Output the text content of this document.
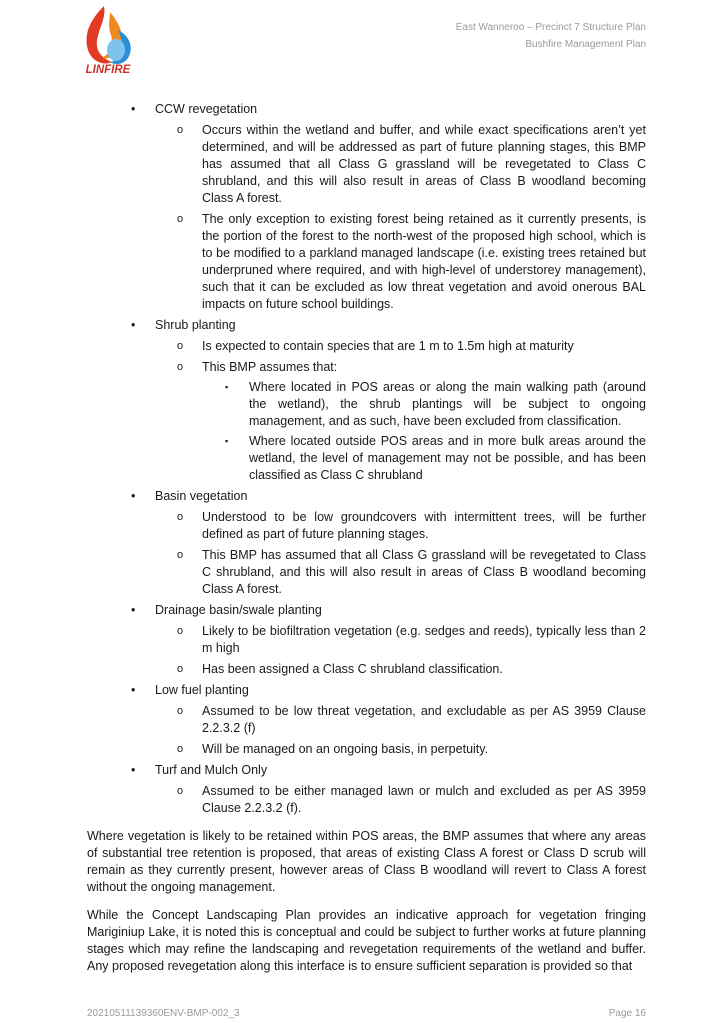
LINFIRE
East Wanneroo – Precinct 7 Structure Plan
Bushfire Management Plan
• CCW revegetation
o Occurs within the wetland and buffer, and while exact specifications aren’t yet determined, and will be addressed as part of future planning stages, this BMP has assumed that all Class G grassland will be revegetated to Class C shrubland, and this will also result in areas of Class B woodland becoming Class A forest.
o The only exception to existing forest being retained as it currently presents, is the portion of the forest to the north-west of the proposed high school, which is to be modified to a parkland managed landscape (i.e. existing trees retained but underpruned where required, and with high-level of understorey management), such that it can be excluded as low threat vegetation and avoid onerous BAL impacts on future school buildings.
• Shrub planting
o Is expected to contain species that are 1 m to 1.5m high at maturity
o This BMP assumes that:
▪ Where located in POS areas or along the main walking path (around the wetland), the shrub plantings will be subject to ongoing management, and as such, have been excluded from classification.
▪ Where located outside POS areas and in more bulk areas around the wetland, the level of management may not be possible, and has been classified as Class C shrubland
• Basin vegetation
o Understood to be low groundcovers with intermittent trees, will be further defined as part of future planning stages.
o This BMP has assumed that all Class G grassland will be revegetated to Class C shrubland, and this will also result in areas of Class B woodland becoming Class A forest.
• Drainage basin/swale planting
o Likely to be biofiltration vegetation (e.g. sedges and reeds), typically less than 2 m high
o Has been assigned a Class C shrubland classification.
• Low fuel planting
o Assumed to be low threat vegetation, and excludable as per AS 3959 Clause 2.2.3.2 (f)
o Will be managed on an ongoing basis, in perpetuity.
• Turf and Mulch Only
o Assumed to be either managed lawn or mulch and excluded as per AS 3959 Clause 2.2.3.2 (f).

Where vegetation is likely to be retained within POS areas, the BMP assumes that where any areas of substantial tree retention is proposed, that areas of existing Class A forest or Class D scrub will remain as they currently present, however areas of Class B woodland will revert to Class A forest without the ongoing management.

While the Concept Landscaping Plan provides an indicative approach for vegetation fringing Mariginiup Lake, it is noted this is conceptual and could be subject to further works at future planning stages which may refine the landscaping and revegetation requirements of the wetland and buffer. Any proposed revegetation along this interface is to ensure sufficient separation is provided so that

20210511139360ENV-BMP-002_3	Page 16
